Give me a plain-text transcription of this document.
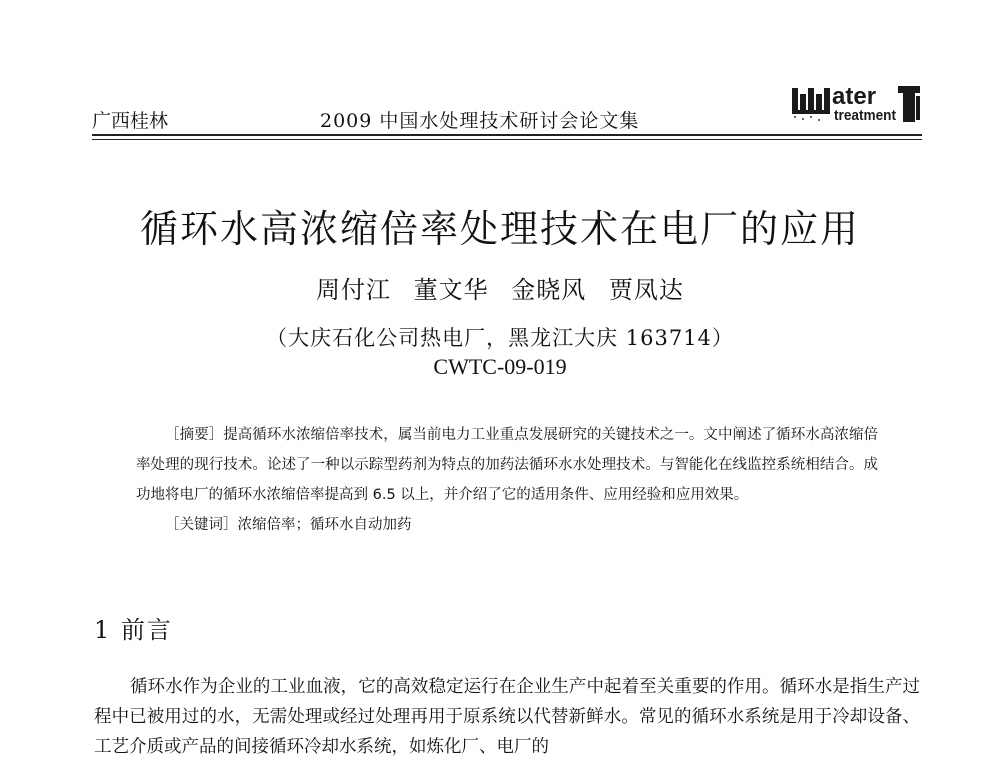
广西桂林	2009 中国水处理技术研讨会论文集
ater
treatment
循环水高浓缩倍率处理技术在电厂的应用
周付江 董文华 金晓风 贾凤达
（大庆石化公司热电厂，黑龙江大庆 163714）
CWTC-09-019

［摘要］提高循环水浓缩倍率技术，属当前电力工业重点发展研究的关键技术之一。文中阐述了循环水高浓缩倍率处理的现行技术。论述了一种以示踪型药剂为特点的加药法循环水水处理技术。与智能化在线监控系统相结合。成功地将电厂的循环水浓缩倍率提高到 6.5 以上，并介绍了它的适用条件、应用经验和应用效果。

［关键词］浓缩倍率；循环水自动加药

1 前言

循环水作为企业的工业血液，它的高效稳定运行在企业生产中起着至关重要的作用。循环水是指生产过程中已被用过的水，无需处理或经过处理再用于原系统以代替新鲜水。常见的循环水系统是用于冷却设备、工艺介质或产品的间接循环冷却水系统，如炼化厂、电厂的
